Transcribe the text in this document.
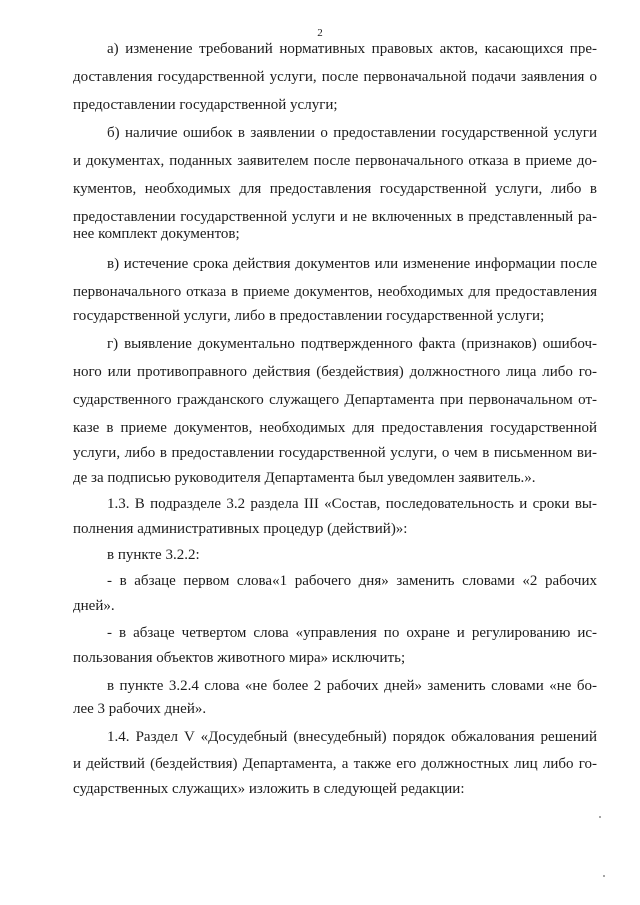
2
а) изменение требований нормативных правовых актов, касающихся пре-
доставления государственной услуги, после первоначальной подачи заявления о
предоставлении государственной услуги;
б) наличие ошибок в заявлении о предоставлении государственной услуги
и документах, поданных заявителем после первоначального отказа в приеме до-
кументов, необходимых для предоставления государственной услуги, либо в
предоставлении государственной услуги и не включенных в представленный ра-
нее комплект документов;
в) истечение срока действия документов или изменение информации после
первоначального отказа в приеме документов, необходимых для предоставления
государственной услуги, либо в предоставлении государственной услуги;
г) выявление документально подтвержденного факта (признаков) ошибоч-
ного или противоправного действия (бездействия) должностного лица либо го-
сударственного гражданского служащего Департамента при первоначальном от-
казе в приеме документов, необходимых для предоставления государственной
услуги, либо в предоставлении государственной услуги, о чем в письменном ви-
де за подписью руководителя Департамента был уведомлен заявитель.».
1.3. В подразделе 3.2 раздела III «Состав, последовательность и сроки вы-
полнения административных процедур (действий)»:
в пункте 3.2.2:
- в абзаце первом слова«1 рабочего дня» заменить словами «2 рабочих
дней».
- в абзаце четвертом слова «управления по охране и регулированию ис-
пользования объектов животного мира» исключить;
в пункте 3.2.4 слова «не более 2 рабочих дней» заменить словами «не бо-
лее 3 рабочих дней».
1.4. Раздел V «Досудебный (внесудебный) порядок обжалования решений
и действий (бездействия) Департамента, а также его должностных лиц либо го-
сударственных служащих» изложить в следующей редакции:
